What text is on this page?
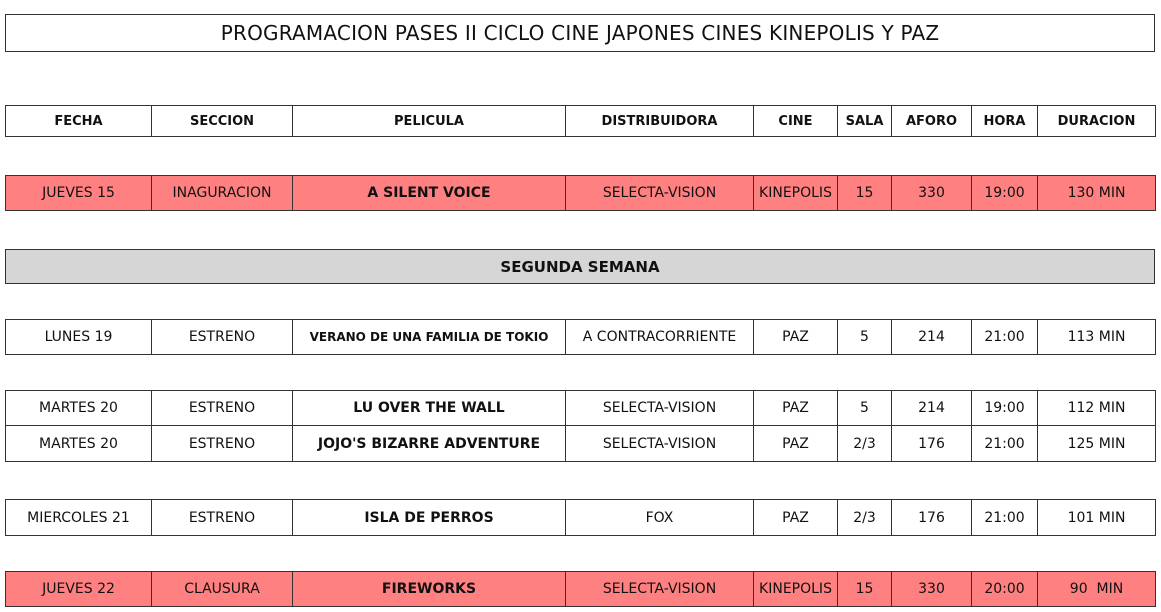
PROGRAMACION PASES II CICLO CINE JAPONES CINES KINEPOLIS Y PAZ
FECHA	SECCION	PELICULA	DISTRIBUIDORA	CINE	SALA	AFORO	HORA	DURACION
JUEVES 15	INAGURACION	A SILENT VOICE	SELECTA-VISION	KINEPOLIS	15	330	19:00	130 MIN
SEGUNDA SEMANA
LUNES 19	ESTRENO	VERANO DE UNA FAMILIA DE TOKIO	A CONTRACORRIENTE	PAZ	5	214	21:00	113 MIN
MARTES 20	ESTRENO	LU OVER THE WALL	SELECTA-VISION	PAZ	5	214	19:00	112 MIN
MARTES 20	ESTRENO	JOJO'S BIZARRE ADVENTURE	SELECTA-VISION	PAZ	2/3	176	21:00	125 MIN
MIERCOLES 21	ESTRENO	ISLA DE PERROS	FOX	PAZ	2/3	176	21:00	101 MIN
JUEVES 22	CLAUSURA	FIREWORKS	SELECTA-VISION	KINEPOLIS	15	330	20:00	90  MIN
